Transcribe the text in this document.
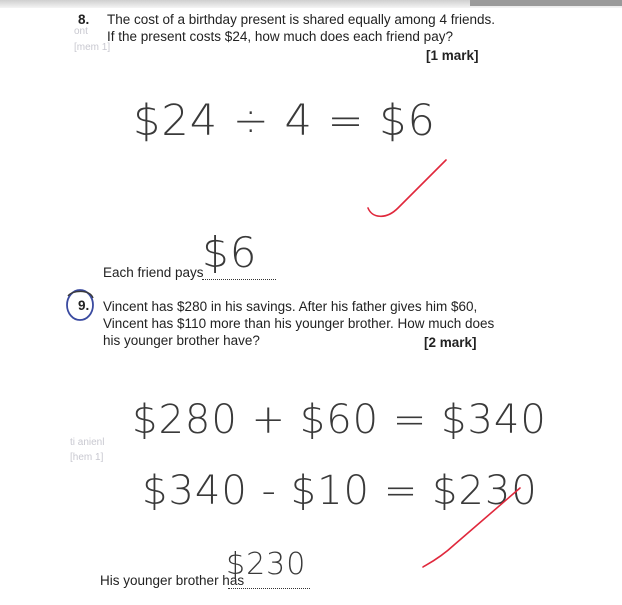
ont
[mem 1]
ti anienl
[hem 1]
8. The cost of a birthday present is shared equally among 4 friends.
If the present costs $24, how much does each friend pay?
[1 mark]
$24 ÷ 4 = $6
Each friend pays
$6
9. Vincent has $280 in his savings. After his father gives him $60,
Vincent has $110 more than his younger brother. How much does
his younger brother have?	[2 mark]
$280 + $60 = $340
$340 - $10 = $230
His younger brother has
$230
